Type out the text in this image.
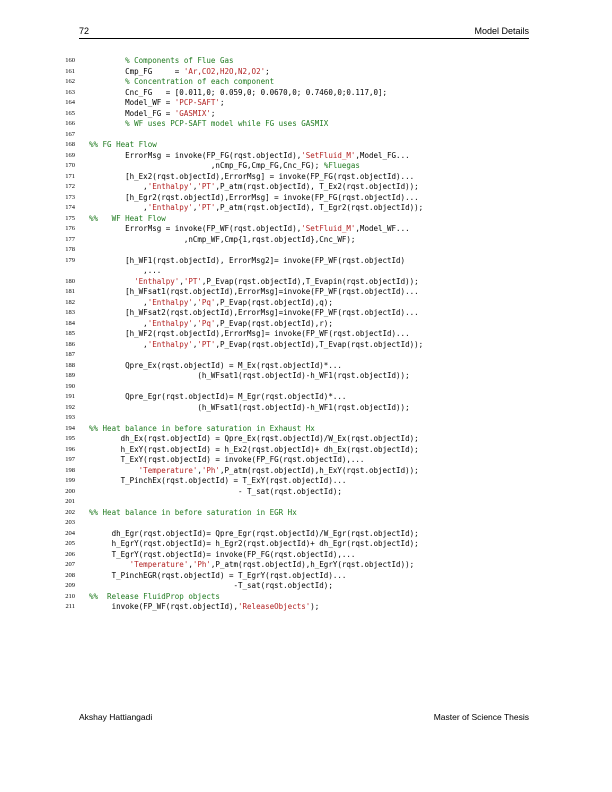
72	Model Details
160	% Components of Flue Gas
161	Cmp_FG     = 'Ar,CO2,H2O,N2,O2';
162	% Concentration of each component
163	Cnc_FG   = [0.011,0; 0.059,0; 0.0670,0; 0.7460,0;0.117,0];
164	Model_WF = 'PCP-SAFT';
165	Model_FG = 'GASMIX';
166	% WF uses PCP-SAFT model while FG uses GASMIX
167
168	%% FG Heat Flow
169	ErrorMsg = invoke(FP_FG(rqst.objectId),'SetFluid_M',Model_FG...
170	,nCmp_FG,Cmp_FG,Cnc_FG); %Fluegas
171	[h_Ex2(rqst.objectId),ErrorMsg] = invoke(FP_FG(rqst.objectId)...
172	,'Enthalpy','PT',P_atm(rqst.objectId), T_Ex2(rqst.objectId));
173	[h_Egr2(rqst.objectId),ErrorMsg] = invoke(FP_FG(rqst.objectId)...
174	,'Enthalpy','PT',P_atm(rqst.objectId), T_Egr2(rqst.objectId));
175	%%   WF Heat Flow
176	ErrorMsg = invoke(FP_WF(rqst.objectId),'SetFluid_M',Model_WF...
177	,nCmp_WF,Cmp{1,rqst.objectId},Cnc_WF);
178
179	[h_WF1(rqst.objectId), ErrorMsg2]= invoke(FP_WF(rqst.objectId)
,...
180	'Enthalpy','PT',P_Evap(rqst.objectId),T_Evapin(rqst.objectId));
181	[h_WFsat1(rqst.objectId),ErrorMsg]=invoke(FP_WF(rqst.objectId)...
182	,'Enthalpy','Pq',P_Evap(rqst.objectId),q);
183	[h_WFsat2(rqst.objectId),ErrorMsg]=invoke(FP_WF(rqst.objectId)...
184	,'Enthalpy','Pq',P_Evap(rqst.objectId),r);
185	[h_WF2(rqst.objectId),ErrorMsg]= invoke(FP_WF(rqst.objectId)...
186	,'Enthalpy','PT',P_Evap(rqst.objectId),T_Evap(rqst.objectId));
187
188	Qpre_Ex(rqst.objectId) = M_Ex(rqst.objectId)*...
189	(h_WFsat1(rqst.objectId)-h_WF1(rqst.objectId));
190
191	Qpre_Egr(rqst.objectId)= M_Egr(rqst.objectId)*...
192	(h_WFsat1(rqst.objectId)-h_WF1(rqst.objectId));
193
194	%% Heat balance in before saturation in Exhaust Hx
195	dh_Ex(rqst.objectId) = Qpre_Ex(rqst.objectId)/W_Ex(rqst.objectId);
196	h_ExY(rqst.objectId) = h_Ex2(rqst.objectId)+ dh_Ex(rqst.objectId);
197	T_ExY(rqst.objectId) = invoke(FP_FG(rqst.objectId),...
198	'Temperature','Ph',P_atm(rqst.objectId),h_ExY(rqst.objectId));
199	T_PinchEx(rqst.objectId) = T_ExY(rqst.objectId)...
200	- T_sat(rqst.objectId);
201
202	%% Heat balance in before saturation in EGR Hx
203
204	dh_Egr(rqst.objectId)= Qpre_Egr(rqst.objectId)/W_Egr(rqst.objectId);
205	h_EgrY(rqst.objectId)= h_Egr2(rqst.objectId)+ dh_Egr(rqst.objectId);
206	T_EgrY(rqst.objectId)= invoke(FP_FG(rqst.objectId),...
207	'Temperature','Ph',P_atm(rqst.objectId),h_EgrY(rqst.objectId));
208	T_PinchEGR(rqst.objectId) = T_EgrY(rqst.objectId)...
209	-T_sat(rqst.objectId);
210	%%  Release FluidProp objects
211	invoke(FP_WF(rqst.objectId),'ReleaseObjects');
Akshay Hattiangadi	Master of Science Thesis
